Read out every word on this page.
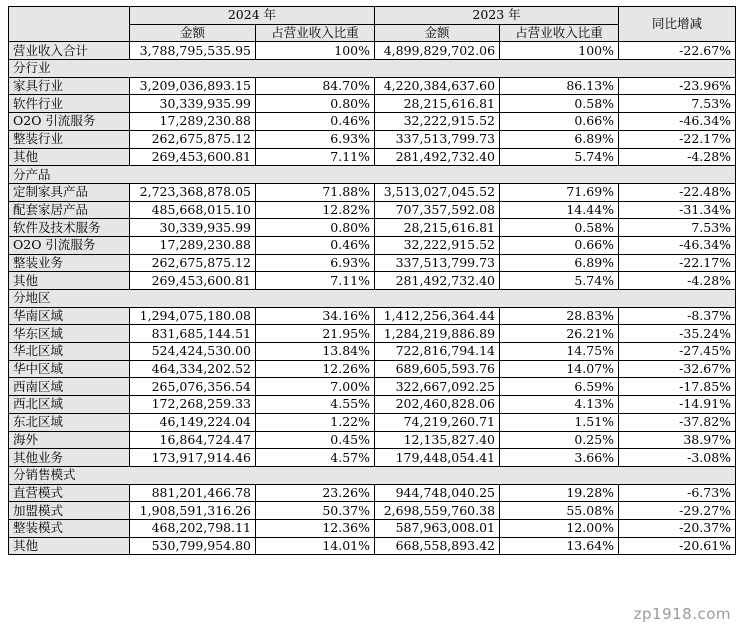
	2024 年		2023 年		同比增减
	金额	占营业收入比重	金额	占营业收入比重	
营业收入合计	3,788,795,535.95	100%	4,899,829,702.06	100%	-22.67%
分行业					
家具行业	3,209,036,893.15	84.70%	4,220,384,637.60	86.13%	-23.96%
软件行业	30,339,935.99	0.80%	28,215,616.81	0.58%	7.53%
O2O 引流服务	17,289,230.88	0.46%	32,222,915.52	0.66%	-46.34%
整装行业	262,675,875.12	6.93%	337,513,799.73	6.89%	-22.17%
其他	269,453,600.81	7.11%	281,492,732.40	5.74%	-4.28%
分产品					
定制家具产品	2,723,368,878.05	71.88%	3,513,027,045.52	71.69%	-22.48%
配套家居产品	485,668,015.10	12.82%	707,357,592.08	14.44%	-31.34%
软件及技术服务	30,339,935.99	0.80%	28,215,616.81	0.58%	7.53%
O2O 引流服务	17,289,230.88	0.46%	32,222,915.52	0.66%	-46.34%
整装业务	262,675,875.12	6.93%	337,513,799.73	6.89%	-22.17%
其他	269,453,600.81	7.11%	281,492,732.40	5.74%	-4.28%
分地区					
华南区域	1,294,075,180.08	34.16%	1,412,256,364.44	28.83%	-8.37%
华东区域	831,685,144.51	21.95%	1,284,219,886.89	26.21%	-35.24%
华北区域	524,424,530.00	13.84%	722,816,794.14	14.75%	-27.45%
华中区域	464,334,202.52	12.26%	689,605,593.76	14.07%	-32.67%
西南区域	265,076,356.54	7.00%	322,667,092.25	6.59%	-17.85%
西北区域	172,268,259.33	4.55%	202,460,828.06	4.13%	-14.91%
东北区域	46,149,224.04	1.22%	74,219,260.71	1.51%	-37.82%
海外	16,864,724.47	0.45%	12,135,827.40	0.25%	38.97%
其他业务	173,917,914.46	4.57%	179,448,054.41	3.66%	-3.08%
分销售模式					
直营模式	881,201,466.78	23.26%	944,748,040.25	19.28%	-6.73%
加盟模式	1,908,591,316.26	50.37%	2,698,559,760.38	55.08%	-29.27%
整装模式	468,202,798.11	12.36%	587,963,008.01	12.00%	-20.37%
其他	530,799,954.80	14.01%	668,558,893.42	13.64%	-20.61%
zp1918.com
